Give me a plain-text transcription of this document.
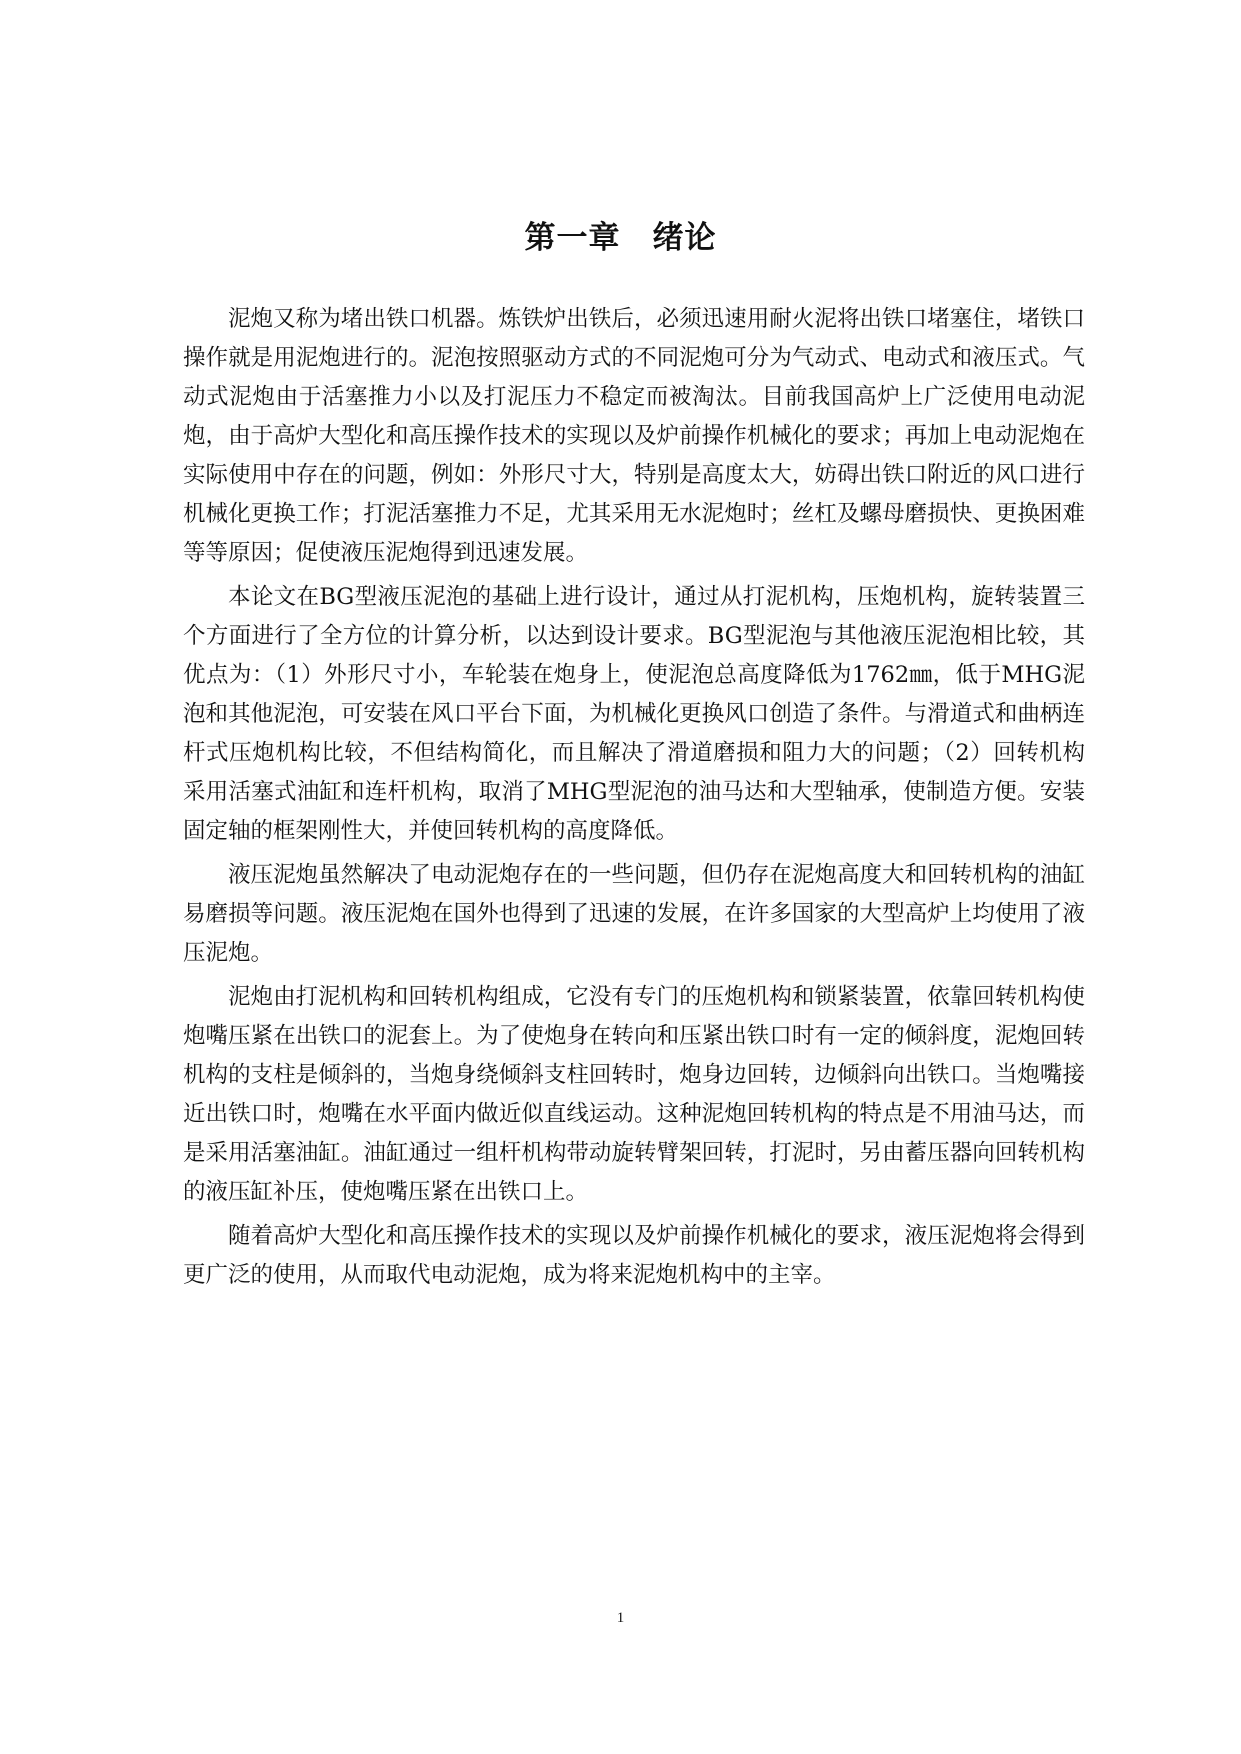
第一章　绪论

泥炮又称为堵出铁口机器。炼铁炉出铁后，必须迅速用耐火泥将出铁口堵塞住，堵铁口操作就是用泥炮进行的。泥泡按照驱动方式的不同泥炮可分为气动式、电动式和液压式。气动式泥炮由于活塞推力小以及打泥压力不稳定而被淘汰。目前我国高炉上广泛使用电动泥炮，由于高炉大型化和高压操作技术的实现以及炉前操作机械化的要求；再加上电动泥炮在实际使用中存在的问题，例如：外形尺寸大，特别是高度太大，妨碍出铁口附近的风口进行机械化更换工作；打泥活塞推力不足，尤其采用无水泥炮时；丝杠及螺母磨损快、更换困难等等原因；促使液压泥炮得到迅速发展。

本论文在BG型液压泥泡的基础上进行设计，通过从打泥机构，压炮机构，旋转装置三个方面进行了全方位的计算分析，以达到设计要求。BG型泥泡与其他液压泥泡相比较，其优点为：（1）外形尺寸小，车轮装在炮身上，使泥泡总高度降低为1762㎜，低于MHG泥泡和其他泥泡，可安装在风口平台下面，为机械化更换风口创造了条件。与滑道式和曲柄连杆式压炮机构比较，不但结构简化，而且解决了滑道磨损和阻力大的问题；（2）回转机构采用活塞式油缸和连杆机构，取消了MHG型泥泡的油马达和大型轴承，使制造方便。安装固定轴的框架刚性大，并使回转机构的高度降低。

液压泥炮虽然解决了电动泥炮存在的一些问题，但仍存在泥炮高度大和回转机构的油缸易磨损等问题。液压泥炮在国外也得到了迅速的发展，在许多国家的大型高炉上均使用了液压泥炮。

泥炮由打泥机构和回转机构组成，它没有专门的压炮机构和锁紧装置，依靠回转机构使炮嘴压紧在出铁口的泥套上。为了使炮身在转向和压紧出铁口时有一定的倾斜度，泥炮回转机构的支柱是倾斜的，当炮身绕倾斜支柱回转时，炮身边回转，边倾斜向出铁口。当炮嘴接近出铁口时，炮嘴在水平面内做近似直线运动。这种泥炮回转机构的特点是不用油马达，而是采用活塞油缸。油缸通过一组杆机构带动旋转臂架回转，打泥时，另由蓄压器向回转机构的液压缸补压，使炮嘴压紧在出铁口上。

随着高炉大型化和高压操作技术的实现以及炉前操作机械化的要求，液压泥炮将会得到更广泛的使用，从而取代电动泥炮，成为将来泥炮机构中的主宰。

1
